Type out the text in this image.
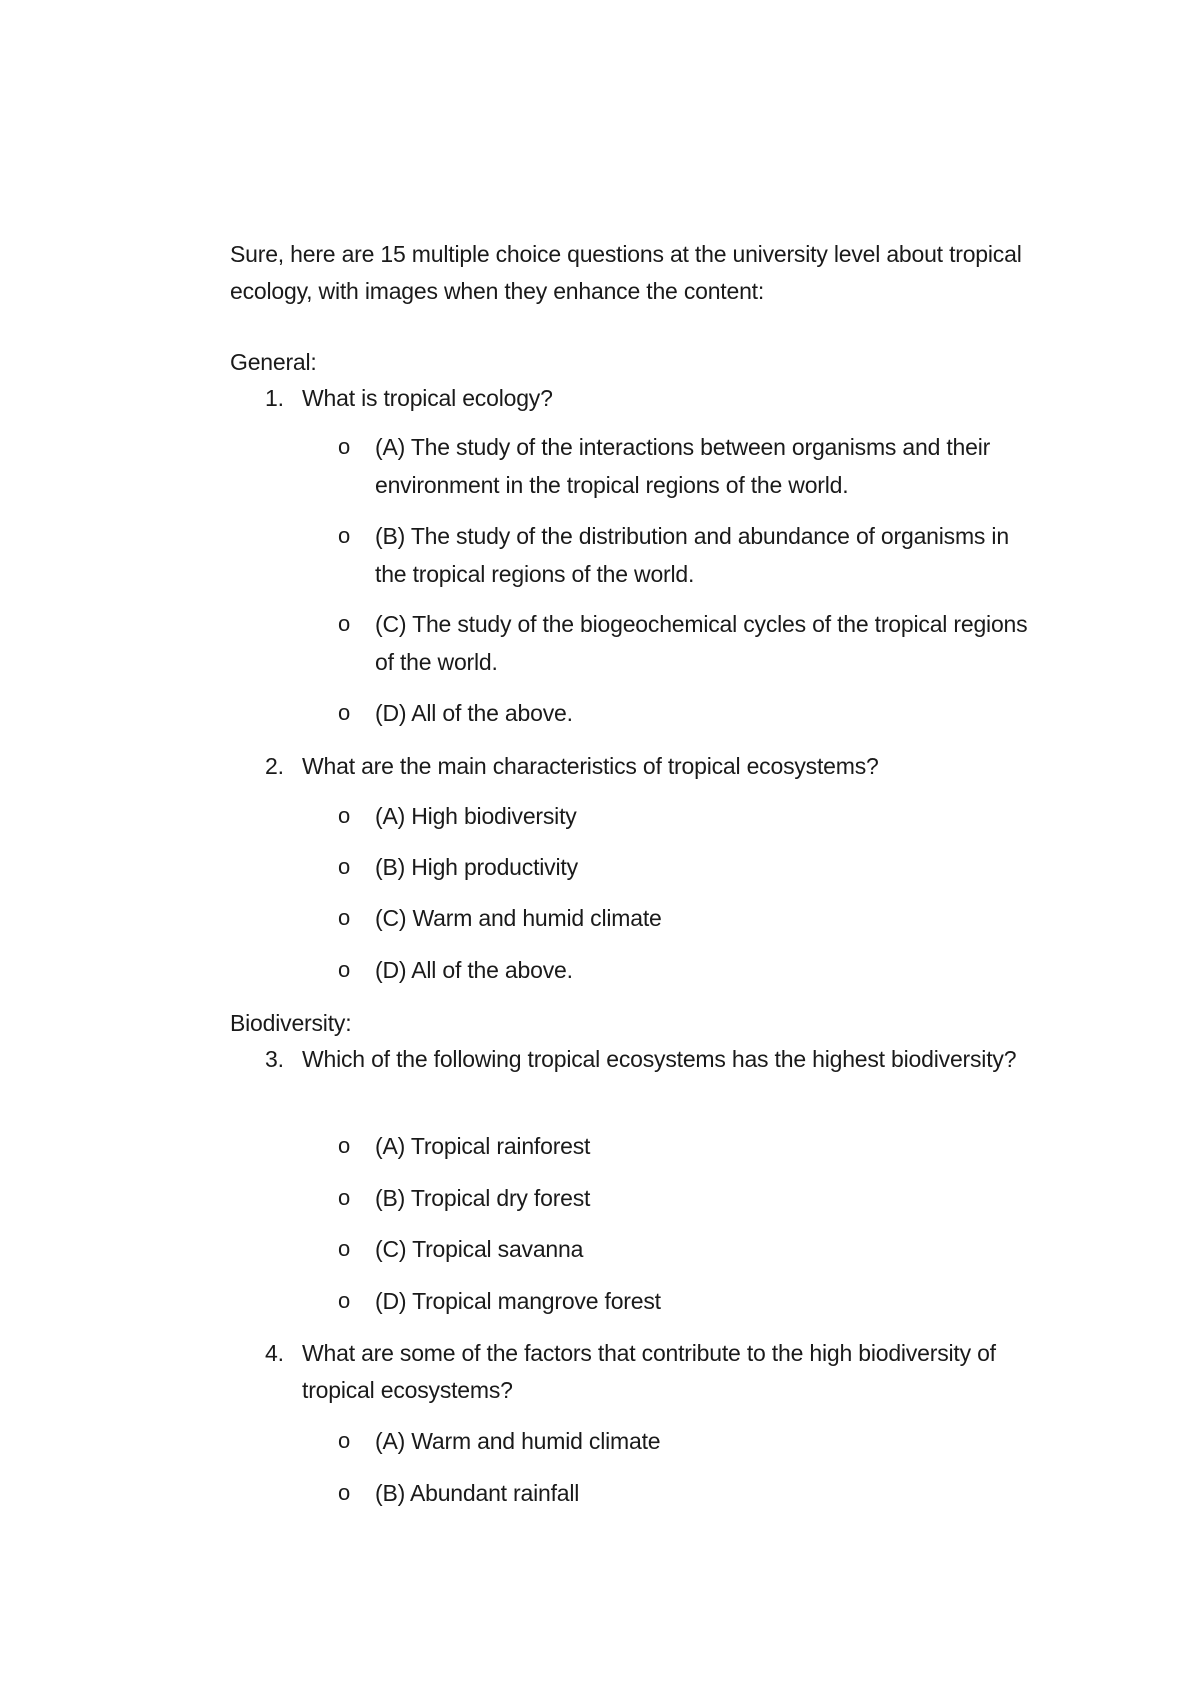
Sure, here are 15 multiple choice questions at the university level about tropical ecology, with images when they enhance the content:

General:

1. What is tropical ecology?
o (A) The study of the interactions between organisms and their environment in the tropical regions of the world.
o (B) The study of the distribution and abundance of organisms in the tropical regions of the world.
o (C) The study of the biogeochemical cycles of the tropical regions of the world.
o (D) All of the above.
2. What are the main characteristics of tropical ecosystems?
o (A) High biodiversity
o (B) High productivity
o (C) Warm and humid climate
o (D) All of the above.

Biodiversity:

3. Which of the following tropical ecosystems has the highest biodiversity?
o (A) Tropical rainforest
o (B) Tropical dry forest
o (C) Tropical savanna
o (D) Tropical mangrove forest
4. What are some of the factors that contribute to the high biodiversity of tropical ecosystems?
o (A) Warm and humid climate
o (B) Abundant rainfall
